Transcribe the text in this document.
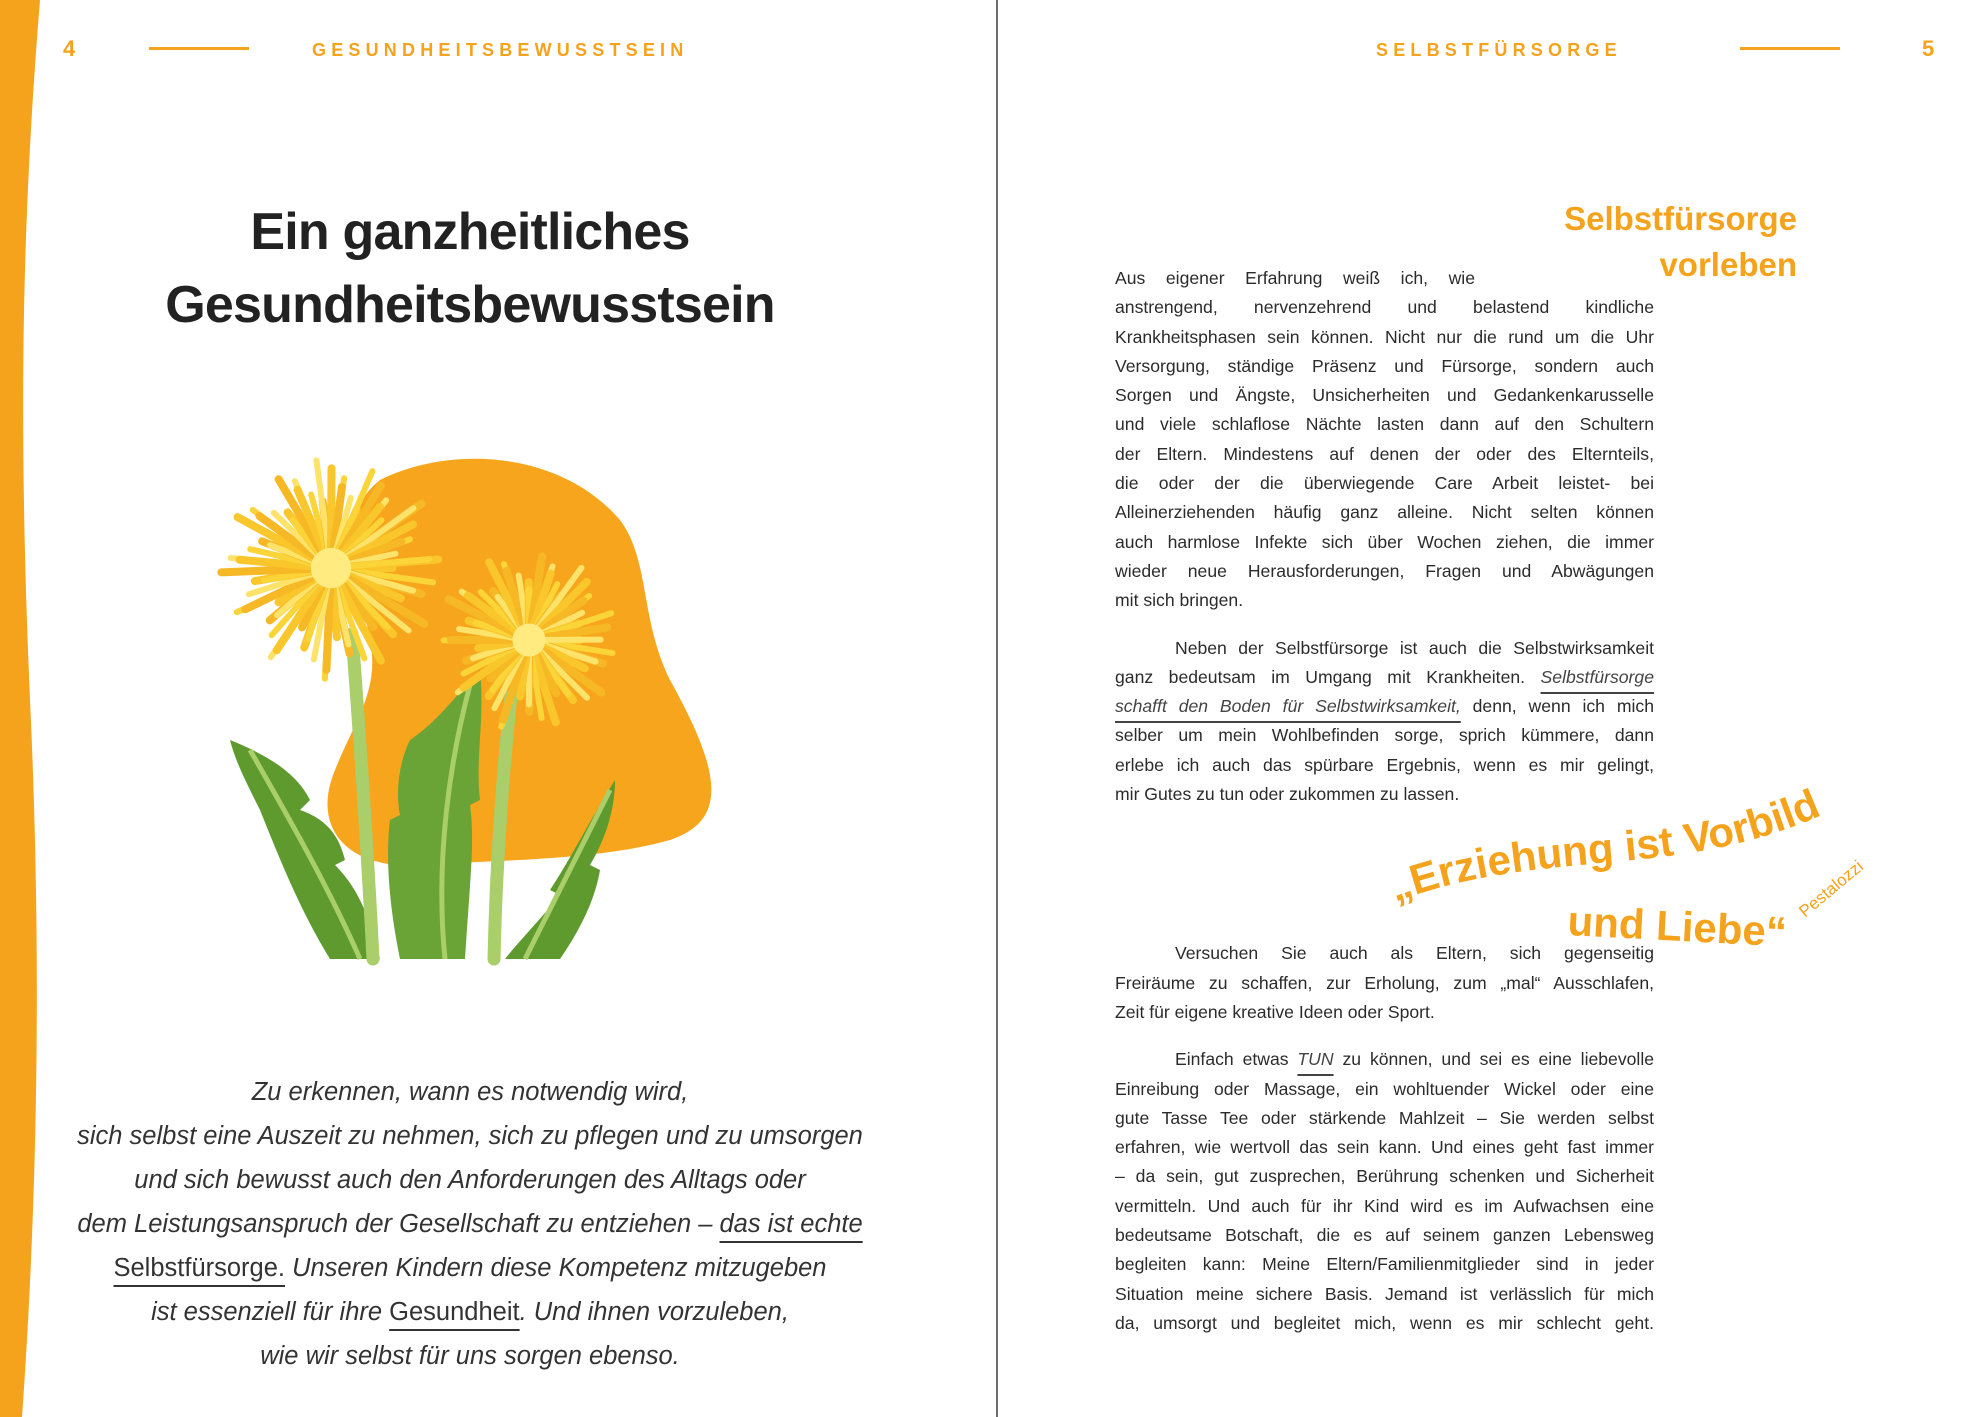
4	GESUNDHEITSBEWUSSTSEIN	SELBSTFÜRSORGE	5
Ein ganzheitliches
Gesundheitsbewusstsein
Zu erkennen, wann es notwendig wird,
sich selbst eine Auszeit zu nehmen, sich zu pflegen und zu umsorgen
und sich bewusst auch den Anforderungen des Alltags oder
dem Leistungsanspruch der Gesellschaft zu entziehen – das ist echte
Selbstfürsorge. Unseren Kindern diese Kompetenz mitzugeben
ist essenziell für ihre Gesundheit. Und ihnen vorzuleben,
wie wir selbst für uns sorgen ebenso.
Selbstfürsorge
vorleben
Aus eigener Erfahrung weiß ich, wie
anstrengend, nervenzehrend und belastend kindliche
Krankheitsphasen sein können. Nicht nur die rund um die Uhr
Versorgung, ständige Präsenz und Fürsorge, sondern auch
Sorgen und Ängste, Unsicherheiten und Gedankenkarusselle
und viele schlaflose Nächte lasten dann auf den Schultern
der Eltern. Mindestens auf denen der oder des Elternteils,
die oder der die überwiegende Care Arbeit leistet- bei
Alleinerziehenden häufig ganz alleine. Nicht selten können
auch harmlose Infekte sich über Wochen ziehen, die immer
wieder neue Herausforderungen, Fragen und Abwägungen
mit sich bringen.
Neben der Selbstfürsorge ist auch die Selbstwirksamkeit
ganz bedeutsam im Umgang mit Krankheiten. Selbstfürsorge
schafft den Boden für Selbstwirksamkeit, denn, wenn ich mich
selber um mein Wohlbefinden sorge, sprich kümmere, dann
erlebe ich auch das spürbare Ergebnis, wenn es mir gelingt,
mir Gutes zu tun oder zukommen zu lassen.
Versuchen Sie auch als Eltern, sich gegenseitig
Freiräume zu schaffen, zur Erholung, zum „mal“ Ausschlafen,
Zeit für eigene kreative Ideen oder Sport.
Einfach etwas TUN zu können, und sei es eine liebevolle
Einreibung oder Massage, ein wohltuender Wickel oder eine
gute Tasse Tee oder stärkende Mahlzeit – Sie werden selbst
erfahren, wie wertvoll das sein kann. Und eines geht fast immer
– da sein, gut zusprechen, Berührung schenken und Sicherheit
vermitteln. Und auch für ihr Kind wird es im Aufwachsen eine
bedeutsame Botschaft, die es auf seinem ganzen Lebensweg
begleiten kann: Meine Eltern/Familienmitglieder sind in jeder
Situation meine sichere Basis. Jemand ist verlässlich für mich
da, umsorgt und begleitet mich, wenn es mir schlecht geht.
„Erziehung ist Vorbild
und Liebe“
Pestalozzi
